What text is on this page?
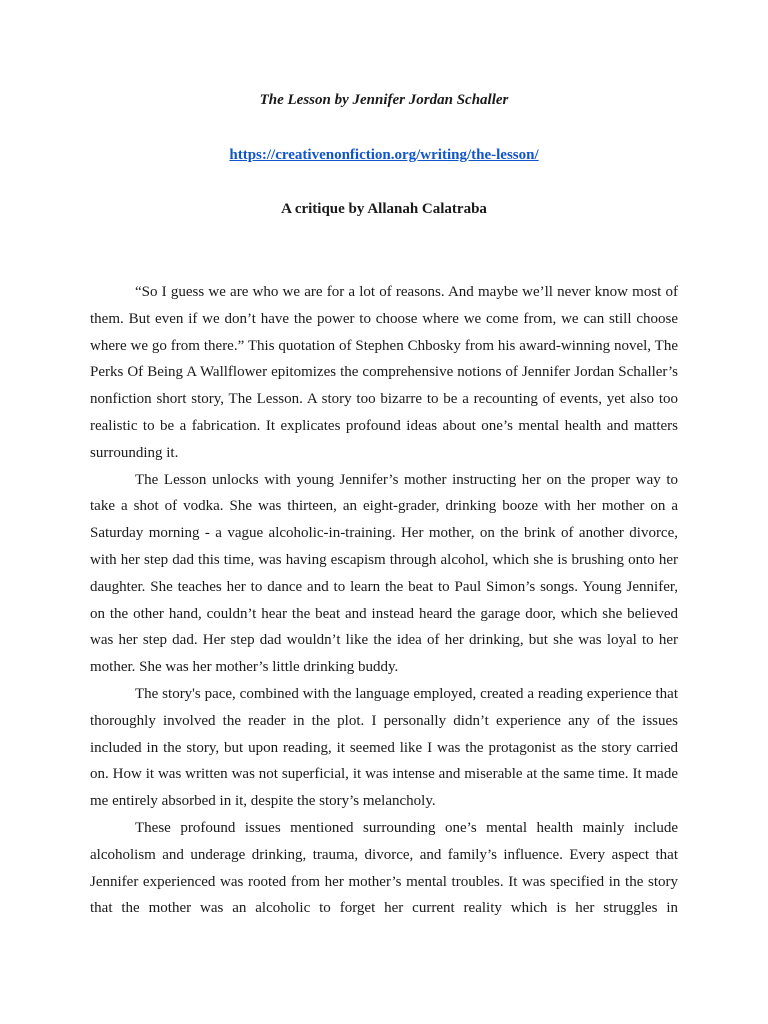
The Lesson by Jennifer Jordan Schaller
https://creativenonfiction.org/writing/the-lesson/
A critique by Allanah Calatraba

“So I guess we are who we are for a lot of reasons. And maybe we’ll never know most of them. But even if we don’t have the power to choose where we come from, we can still choose where we go from there.” This quotation of Stephen Chbosky from his award-winning novel, The Perks Of Being A Wallflower epitomizes the comprehensive notions of Jennifer Jordan Schaller’s nonfiction short story, The Lesson. A story too bizarre to be a recounting of events, yet also too realistic to be a fabrication. It explicates profound ideas about one’s mental health and matters surrounding it.

The Lesson unlocks with young Jennifer’s mother instructing her on the proper way to take a shot of vodka. She was thirteen, an eight-grader, drinking booze with her mother on a Saturday morning - a vague alcoholic-in-training. Her mother, on the brink of another divorce, with her step dad this time, was having escapism through alcohol, which she is brushing onto her daughter. She teaches her to dance and to learn the beat to Paul Simon’s songs. Young Jennifer, on the other hand, couldn’t hear the beat and instead heard the garage door, which she believed was her step dad. Her step dad wouldn’t like the idea of her drinking, but she was loyal to her mother. She was her mother’s little drinking buddy.

The story's pace, combined with the language employed, created a reading experience that thoroughly involved the reader in the plot. I personally didn’t experience any of the issues included in the story, but upon reading, it seemed like I was the protagonist as the story carried on. How it was written was not superficial, it was intense and miserable at the same time. It made me entirely absorbed in it, despite the story’s melancholy.

These profound issues mentioned surrounding one’s mental health mainly include alcoholism and underage drinking, trauma, divorce, and family’s influence. Every aspect that Jennifer experienced was rooted from her mother’s mental troubles. It was specified in the story that the mother was an alcoholic to forget her current reality which is her struggles in
